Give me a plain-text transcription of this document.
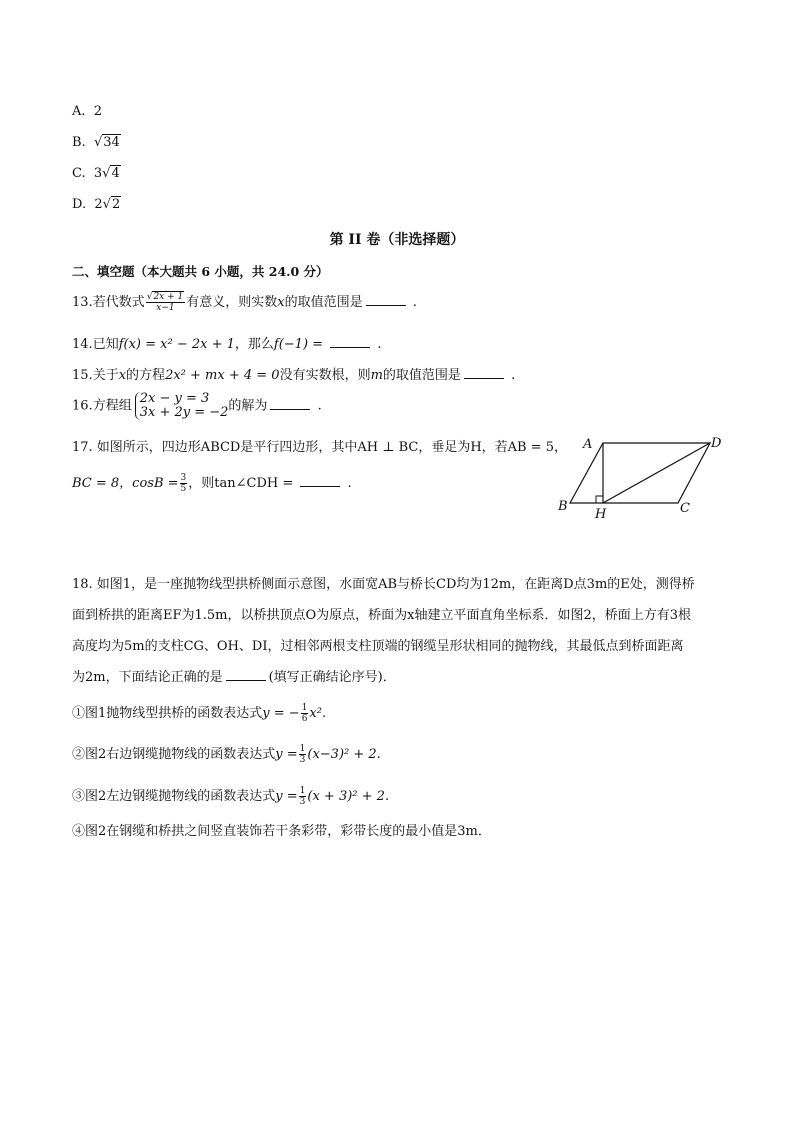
A. 2
B.  √34
C. 3√4
D. 2√2
第 II 卷（非选择题）
二、填空题（本大题共 6 小题，共 24.0 分）
13.若代数式 $\frac{√2x + 1}{x-1}$ 有意义，则实数x的取值范围是	.
14.已知f(x) = x² − 2x + 1，那么f(−1) =	.
15.关于x的方程2x² + mx + 4 = 0没有实数根，则m的取值范围是	.
16.方程组 2x − y = 3
3x + 2y = −2 的解为	.
17. 如图所示，四边形ABCD是平行四边形，其中AH ⊥ BC，垂足为H，若AB = 5，
BC = 8，$\cos B = \frac{3}{5}$ ，则tan∠CDH =	.
A	D
B
H	C
18. 如图1，是一座抛物线型拱桥侧面示意图，水面宽AB与桥长CD均为12m，在距离D点3m的E处，测得桥
面到桥拱的距离EF为1.5m，以桥拱顶点O为原点，桥面为x轴建立平面直角坐标系．如图2，桥面上方有3根
高度均为5m的支柱CG、OH、DI，过相邻两根支柱顶端的钢缆呈形状相同的抛物线，其最低点到桥面距离
为2m，下面结论正确的是	(填写正确结论序号)．
①图1抛物线型拱桥的函数表达式y = − $\frac{1}{6} x^2$.
②图2右边钢缆抛物线的函数表达式$y = \frac{1}{3} (x-3)^2 + 2$.
③图2左边钢缆抛物线的函数表达式$y = \frac{1}{3} (x + 3)^2 + 2$.
④图2在钢缆和桥拱之间竖直装饰若干条彩带，彩带长度的最小值是3m．
